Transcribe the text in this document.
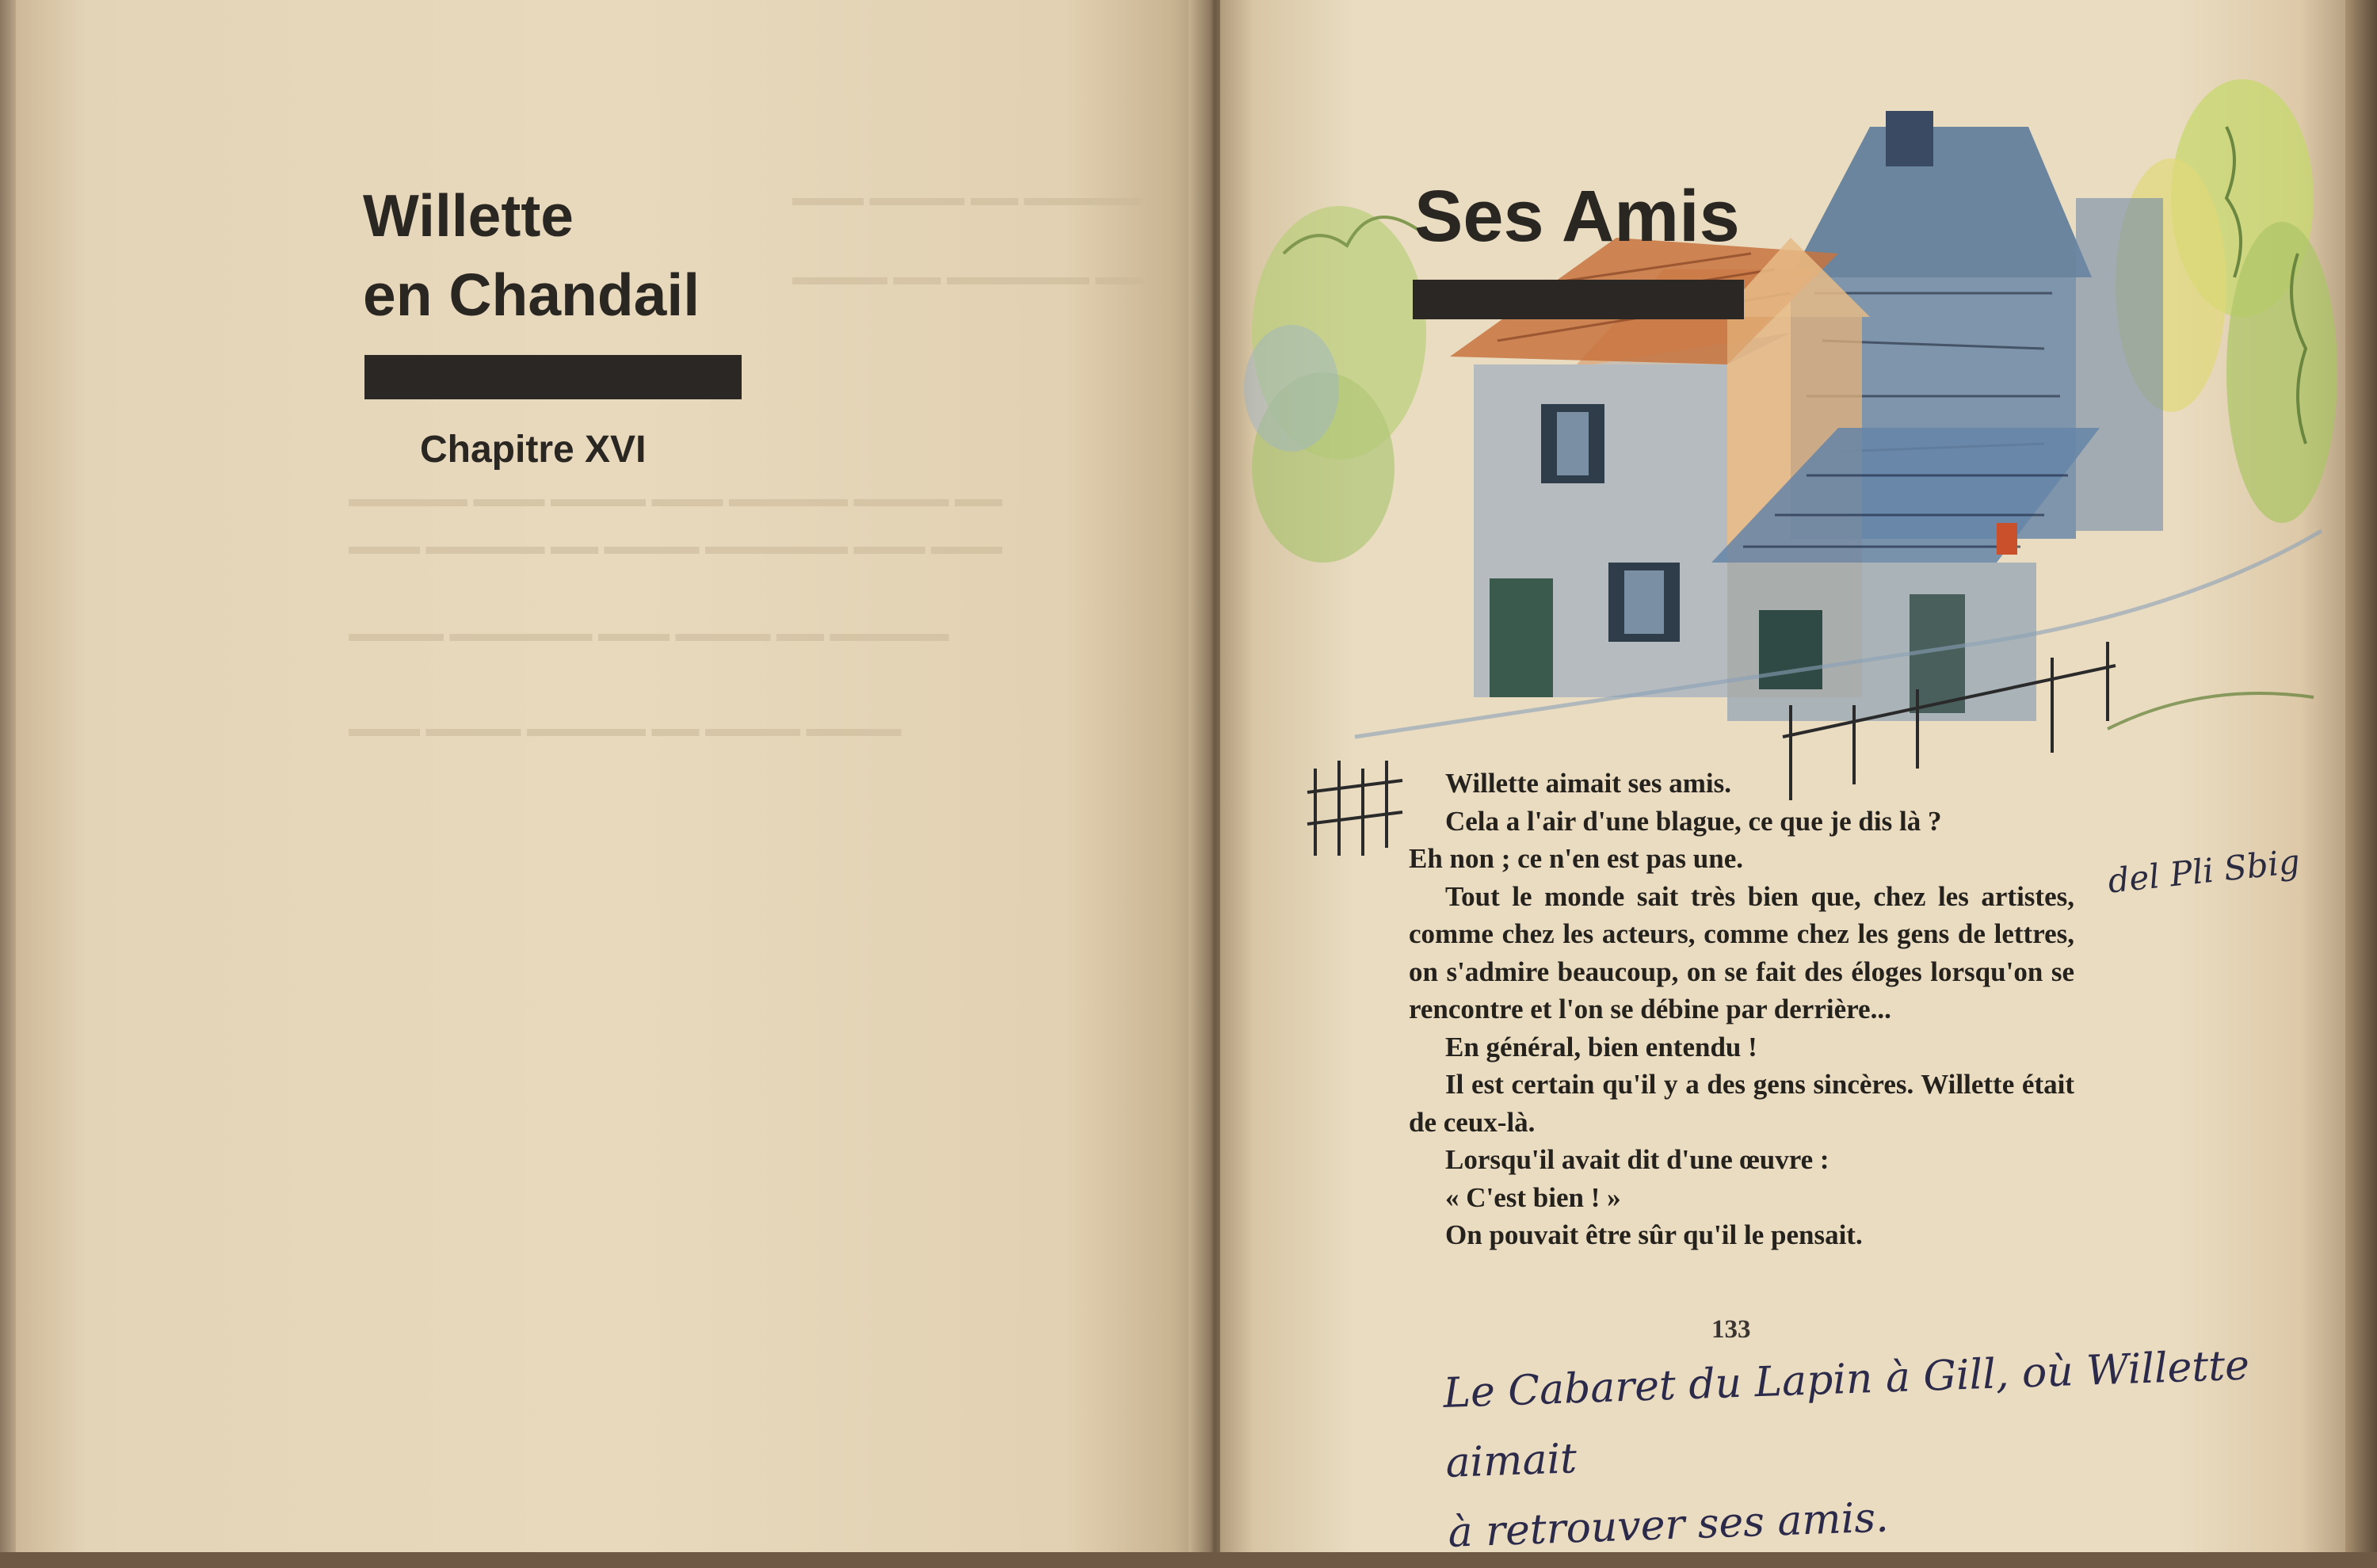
▬▬▬ ▬▬▬▬ ▬▬ ▬▬▬▬▬
▬▬▬▬ ▬▬ ▬▬▬▬▬▬ ▬▬
▬▬▬▬▬ ▬▬▬ ▬▬▬▬ ▬▬▬ ▬▬▬▬▬ ▬▬▬▬ ▬▬
▬▬▬ ▬▬▬▬▬ ▬▬ ▬▬▬▬ ▬▬▬▬▬▬ ▬▬▬ ▬▬▬
▬▬▬▬ ▬▬▬▬▬▬ ▬▬▬ ▬▬▬▬ ▬▬ ▬▬▬▬▬
▬▬▬ ▬▬▬▬ ▬▬▬▬▬ ▬▬ ▬▬▬▬ ▬▬▬▬
Willette
en Chandail
Chapitre XVI
Ses Amis

Willette aimait ses amis.

Cela a l'air d'une blague, ce que je dis là ?

Eh non ; ce n'en est pas une.

Tout le monde sait très bien que, chez les artistes, comme chez les acteurs, comme chez les gens de lettres, on s'admire beaucoup, on se fait des éloges lorsqu'on se rencontre et l'on se débine par derrière...

En général, bien entendu !

Il est certain qu'il y a des gens sincères. Willette était de ceux-là.

Lorsqu'il avait dit d'une œuvre :

« C'est bien ! »

On pouvait être sûr qu'il le pensait.

133
del Pli Sbig
Le Cabaret du Lapin à Gill, où Willette aimait
à retrouver ses amis.
